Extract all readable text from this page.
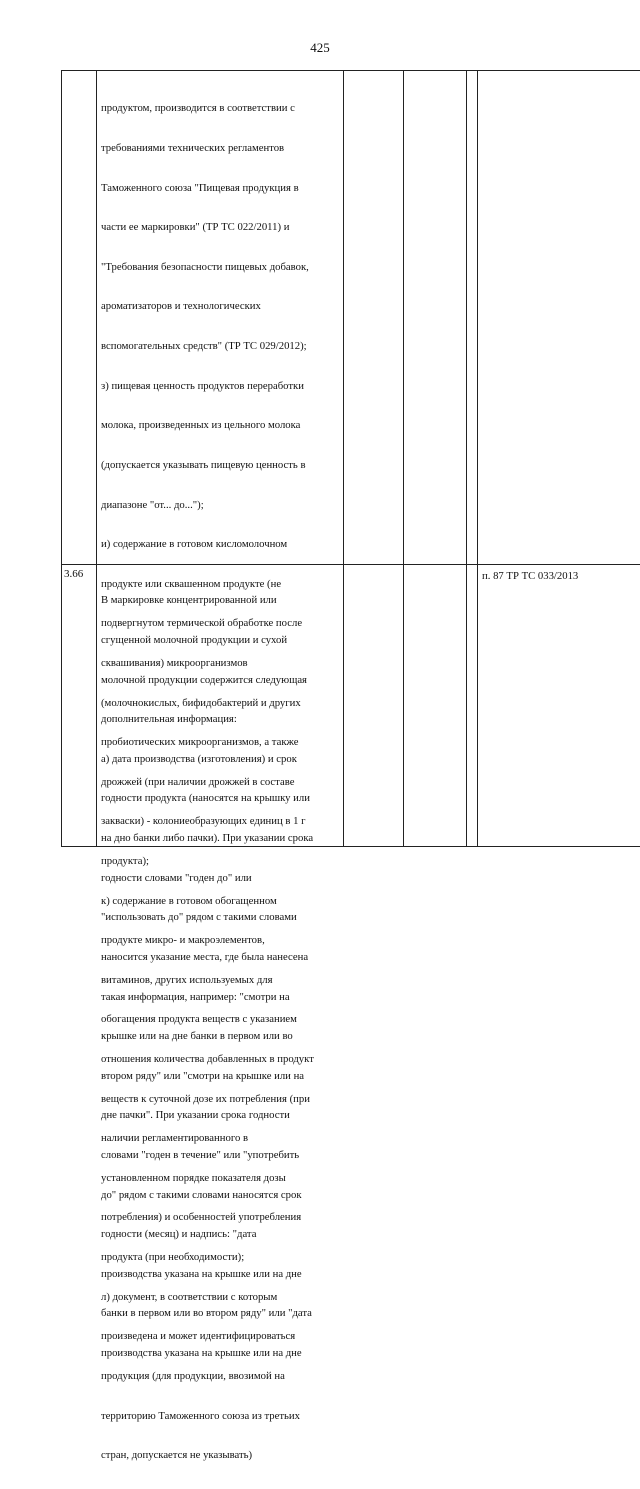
425

продуктом, производится в соответствии с

требованиями технических регламентов

Таможенного союза "Пищевая продукция в

части ее маркировки" (ТР ТС 022/2011) и

"Требования безопасности пищевых добавок,

ароматизаторов и технологических

вспомогательных средств" (ТР ТС 029/2012);

з) пищевая ценность продуктов переработки

молока, произведенных из цельного молока

(допускается указывать пищевую ценность в

диапазоне "от... до...");

и) содержание в готовом кисломолочном

продукте или сквашенном продукте (не

подвергнутом термической обработке после

сквашивания) микроорганизмов

(молочнокислых, бифидобактерий и других

пробиотических микроорганизмов, а также

дрожжей (при наличии дрожжей в составе

закваски) - колониеобразующих единиц в 1 г

продукта);

к) содержание в готовом обогащенном

продукте микро- и макроэлементов,

витаминов, других используемых для

обогащения продукта веществ с указанием

отношения количества добавленных в продукт

веществ к суточной дозе их потребления (при

наличии регламентированного в

установленном порядке показателя дозы

потребления) и особенностей употребления

продукта (при необходимости);

л) документ, в соответствии с которым

произведена и может идентифицироваться

продукция (для продукции, ввозимой на

территорию Таможенного союза из третьих

стран, допускается не указывать)

3.66

В маркировке концентрированной или

сгущенной молочной продукции и сухой

молочной продукции содержится следующая

дополнительная информация:

а) дата производства (изготовления) и срок

годности продукта (наносятся на крышку или

на дно банки либо пачки). При указании срока

годности словами "годен до" или

"использовать до" рядом с такими словами

наносится указание места, где была нанесена

такая информация, например: "смотри на

крышке или на дне банки в первом или во

втором ряду" или "смотри на крышке или на

дне пачки". При указании срока годности

словами "годен в течение" или "употребить

до" рядом с такими словами наносятся срок

годности (месяц) и надпись: "дата

производства указана на крышке или на дне

банки в первом или во втором ряду" или "дата

производства указана на крышке или на дне

п. 87 ТР ТС 033/2013
